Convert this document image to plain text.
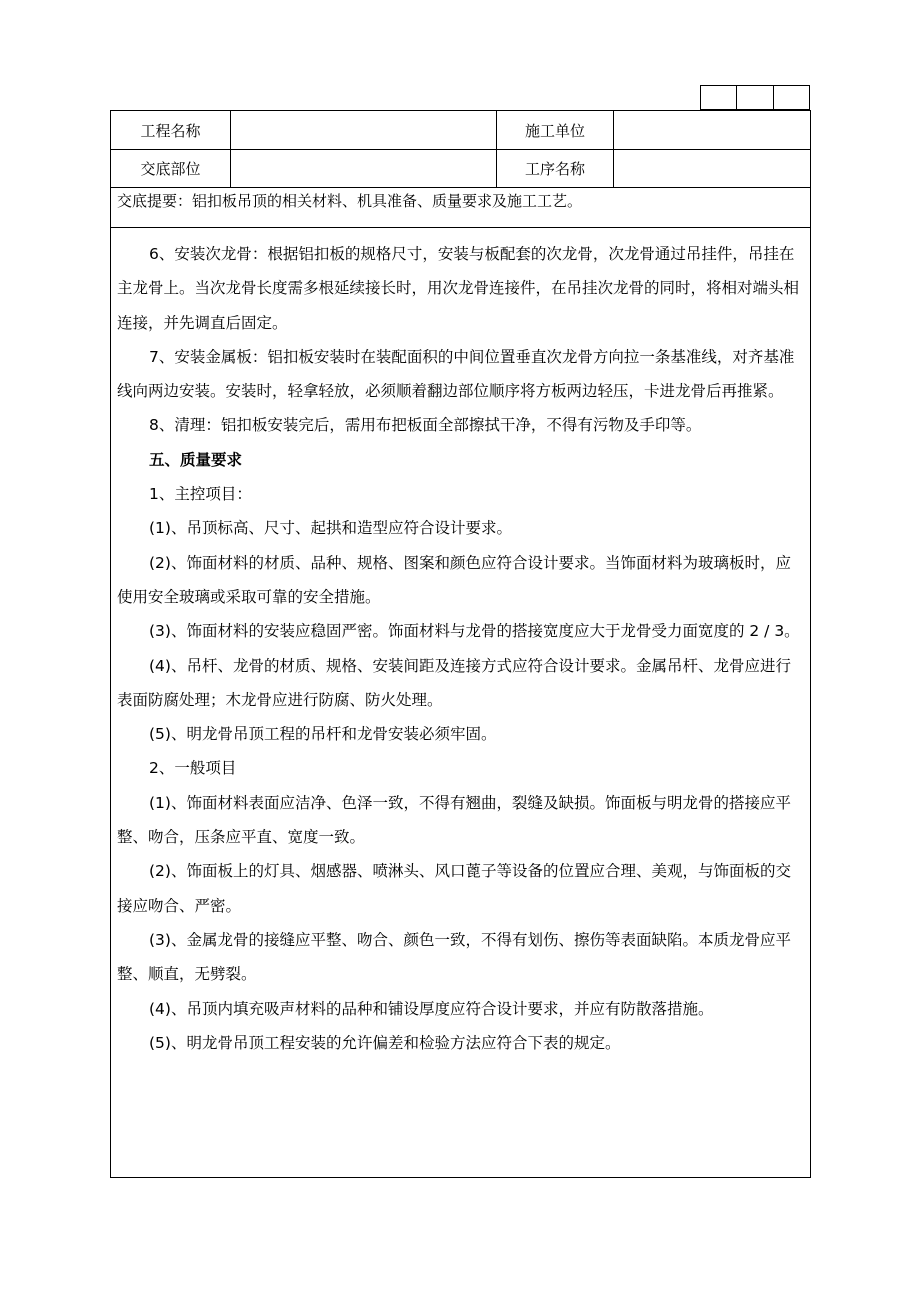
工程名称	施工单位
交底部位	工序名称
交底提要：铝扣板吊顶的相关材料、机具准备、质量要求及施工工艺。

6、安装次龙骨：根据铝扣板的规格尺寸，安装与板配套的次龙骨，次龙骨通过吊挂件，吊挂在主龙骨上。当次龙骨长度需多根延续接长时，用次龙骨连接件，在吊挂次龙骨的同时，将相对端头相连接，并先调直后固定。

7、安装金属板：铝扣板安装时在装配面积的中间位置垂直次龙骨方向拉一条基准线，对齐基准线向两边安装。安装时，轻拿轻放，必须顺着翻边部位顺序将方板两边轻压，卡进龙骨后再推紧。

8、清理：铝扣板安装完后，需用布把板面全部擦拭干净，不得有污物及手印等。

五、质量要求

1、主控项目：

(1)、吊顶标高、尺寸、起拱和造型应符合设计要求。

(2)、饰面材料的材质、品种、规格、图案和颜色应符合设计要求。当饰面材料为玻璃板时，应使用安全玻璃或采取可靠的安全措施。

(3)、饰面材料的安装应稳固严密。饰面材料与龙骨的搭接宽度应大于龙骨受力面宽度的 2 / 3。

(4)、吊杆、龙骨的材质、规格、安装间距及连接方式应符合设计要求。金属吊杆、龙骨应进行表面防腐处理；木龙骨应进行防腐、防火处理。

(5)、明龙骨吊顶工程的吊杆和龙骨安装必须牢固。

2、一般项目

(1)、饰面材料表面应洁净、色泽一致，不得有翘曲，裂缝及缺损。饰面板与明龙骨的搭接应平整、吻合，压条应平直、宽度一致。

(2)、饰面板上的灯具、烟感器、喷淋头、风口蓖子等设备的位置应合理、美观，与饰面板的交接应吻合、严密。

(3)、金属龙骨的接缝应平整、吻合、颜色一致，不得有划伤、擦伤等表面缺陷。本质龙骨应平整、顺直，无劈裂。

(4)、吊顶内填充吸声材料的品种和铺设厚度应符合设计要求，并应有防散落措施。

(5)、明龙骨吊顶工程安装的允许偏差和检验方法应符合下表的规定。
